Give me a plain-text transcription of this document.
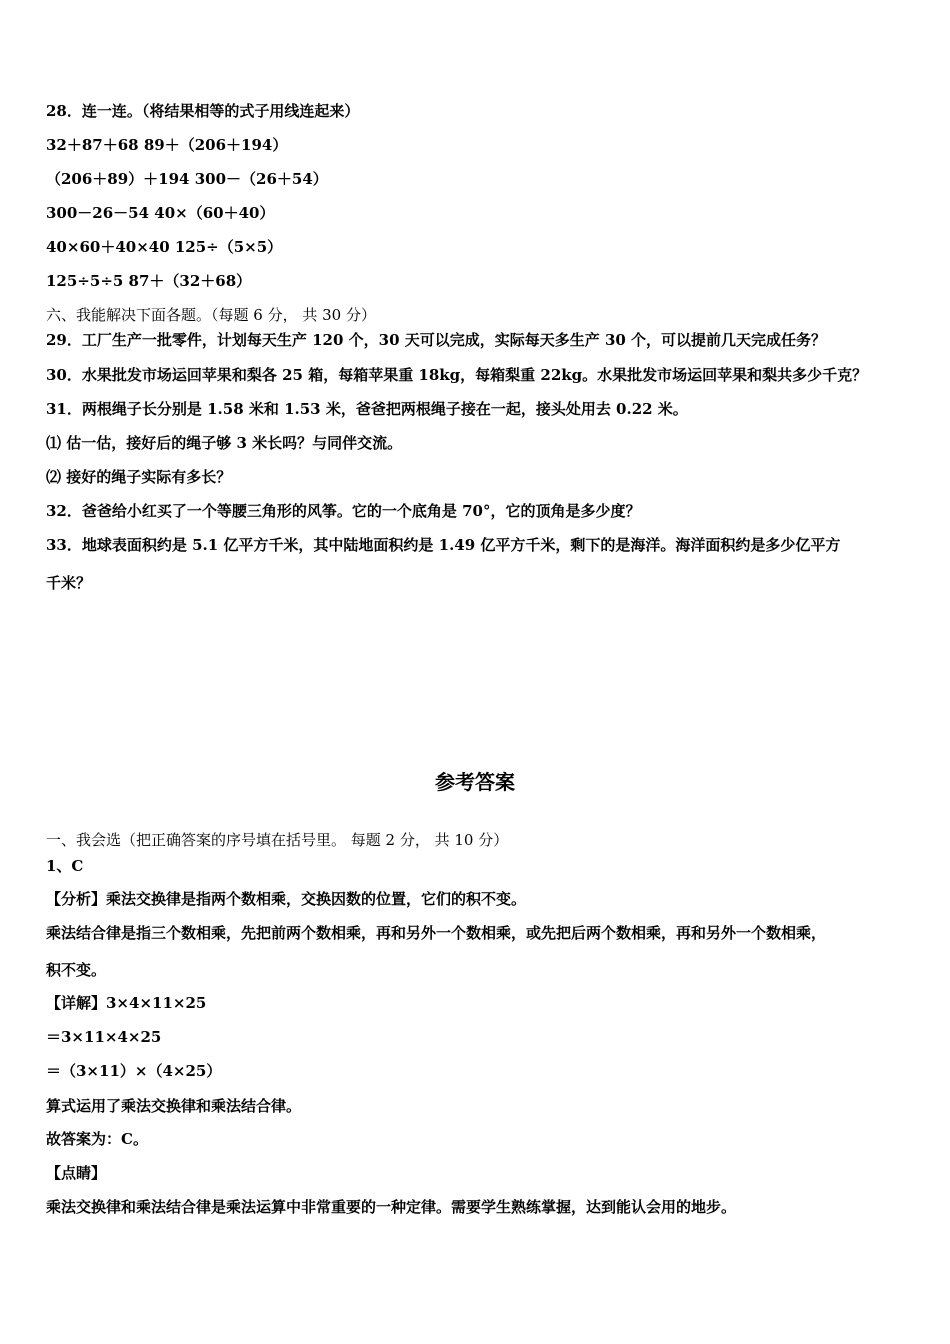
28．连一连。（将结果相等的式子用线连起来）
32＋87＋68 89＋（206＋194）
（206＋89）＋194 300－（26＋54）
300－26－54 40×（60＋40）
40×60＋40×40 125÷（5×5）
125÷5÷5 87＋（32＋68）
六、我能解决下面各题。（每题 6 分， 共 30 分）
29．工厂生产一批零件，计划每天生产 120 个，30 天可以完成，实际每天多生产 30 个，可以提前几天完成任务？
30．水果批发市场运回苹果和梨各 25 箱，每箱苹果重 18kg，每箱梨重 22kg。水果批发市场运回苹果和梨共多少千克？
31．两根绳子长分别是 1.58 米和 1.53 米，爸爸把两根绳子接在一起，接头处用去 0.22 米。
⑴ 估一估，接好后的绳子够 3 米长吗？与同伴交流。
⑵ 接好的绳子实际有多长？
32．爸爸给小红买了一个等腰三角形的风筝。它的一个底角是 70°，它的顶角是多少度？
33．地球表面积约是 5.1 亿平方千米，其中陆地面积约是 1.49 亿平方千米，剩下的是海洋。海洋面积约是多少亿平方
千米？
参考答案
一、我会选（把正确答案的序号填在括号里。 每题 2 分， 共 10 分）
1、C
【分析】乘法交换律是指两个数相乘，交换因数的位置，它们的积不变。
乘法结合律是指三个数相乘，先把前两个数相乘，再和另外一个数相乘，或先把后两个数相乘，再和另外一个数相乘，
积不变。
【详解】3×4×11×25
＝3×11×4×25
＝（3×11）×（4×25）
算式运用了乘法交换律和乘法结合律。
故答案为：C。
【点睛】
乘法交换律和乘法结合律是乘法运算中非常重要的一种定律。需要学生熟练掌握，达到能认会用的地步。
